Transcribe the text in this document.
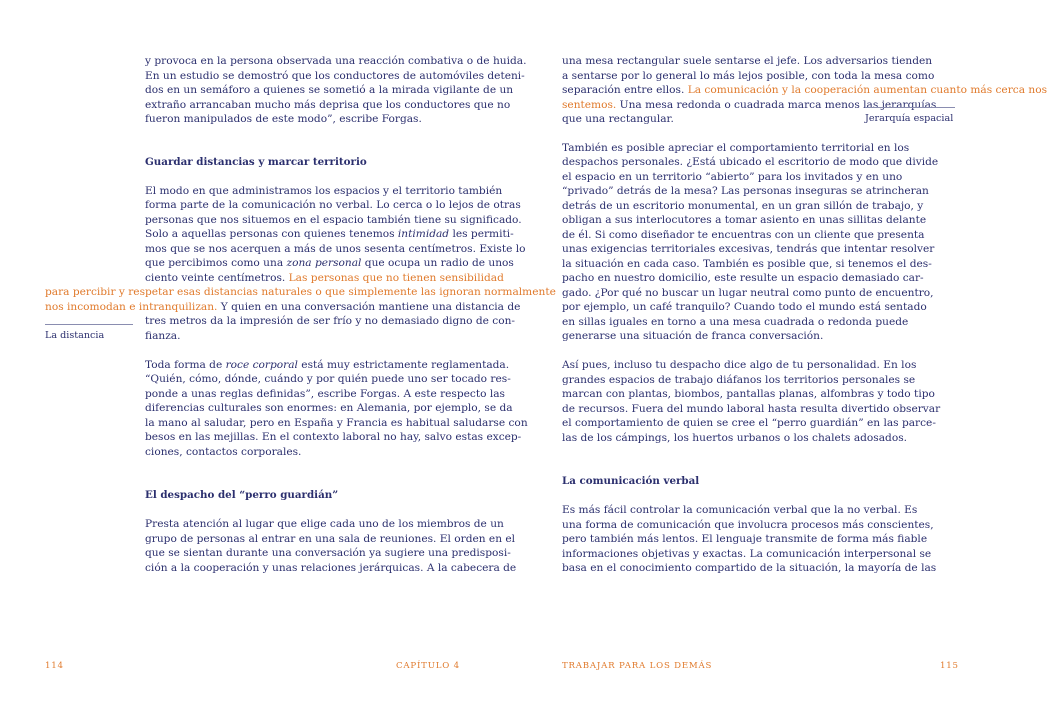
y provoca en la persona observada una reacción combativa o de huida.
En un estudio se demostró que los conductores de automóviles deteni-
dos en un semáforo a quienes se sometió a la mirada vigilante de un
extraño arrancaban mucho más deprisa que los conductores que no
fueron manipulados de este modo”, escribe Forgas.
Guardar distancias y marcar territorio
El modo en que administramos los espacios y el territorio también
forma parte de la comunicación no verbal. Lo cerca o lo lejos de otras
personas que nos situemos en el espacio también tiene su significado.
Solo a aquellas personas con quienes tenemos intimidad les permiti-
mos que se nos acerquen a más de unos sesenta centímetros. Existe lo
que percibimos como una zona personal que ocupa un radio de unos
ciento veinte centímetros. Las personas que no tienen sensibilidad
para percibir y respetar esas distancias naturales o que simplemente las ignoran normalmente
nos incomodan e intranquilizan. Y quien en una conversación mantiene una distancia de
tres metros da la impresión de ser frío y no demasiado digno de con-
La distancia	fianza.
Toda forma de roce corporal está muy estrictamente reglamentada.
“Quién, cómo, dónde, cuándo y por quién puede uno ser tocado res-
ponde a unas reglas definidas”, escribe Forgas. A este respecto las
diferencias culturales son enormes: en Alemania, por ejemplo, se da
la mano al saludar, pero en España y Francia es habitual saludarse con
besos en las mejillas. En el contexto laboral no hay, salvo estas excep-
ciones, contactos corporales.
El despacho del “perro guardián”
Presta atención al lugar que elige cada uno de los miembros de un
grupo de personas al entrar en una sala de reuniones. El orden en el
que se sientan durante una conversación ya sugiere una predisposi-
ción a la cooperación y unas relaciones jerárquicas. A la cabecera de
114	CAPÍTULO 4
una mesa rectangular suele sentarse el jefe. Los adversarios tienden
a sentarse por lo general lo más lejos posible, con toda la mesa como
separación entre ellos. La comunicación y la cooperación aumentan cuanto más cerca nos
sentemos. Una mesa redonda o cuadrada marca menos las jerarquías
que una rectangular.	Jerarquía espacial
También es posible apreciar el comportamiento territorial en los
despachos personales. ¿Está ubicado el escritorio de modo que divide
el espacio en un territorio “abierto” para los invitados y en uno
“privado” detrás de la mesa? Las personas inseguras se atrincheran
detrás de un escritorio monumental, en un gran sillón de trabajo, y
obligan a sus interlocutores a tomar asiento en unas sillitas delante
de él. Si como diseñador te encuentras con un cliente que presenta
unas exigencias territoriales excesivas, tendrás que intentar resolver
la situación en cada caso. También es posible que, si tenemos el des-
pacho en nuestro domicilio, este resulte un espacio demasiado car-
gado. ¿Por qué no buscar un lugar neutral como punto de encuentro,
por ejemplo, un café tranquilo? Cuando todo el mundo está sentado
en sillas iguales en torno a una mesa cuadrada o redonda puede
generarse una situación de franca conversación.
Así pues, incluso tu despacho dice algo de tu personalidad. En los
grandes espacios de trabajo diáfanos los territorios personales se
marcan con plantas, biombos, pantallas planas, alfombras y todo tipo
de recursos. Fuera del mundo laboral hasta resulta divertido observar
el comportamiento de quien se cree el “perro guardián” en las parce-
las de los cámpings, los huertos urbanos o los chalets adosados.
La comunicación verbal
Es más fácil controlar la comunicación verbal que la no verbal. Es
una forma de comunicación que involucra procesos más conscientes,
pero también más lentos. El lenguaje transmite de forma más fiable
informaciones objetivas y exactas. La comunicación interpersonal se
basa en el conocimiento compartido de la situación, la mayoría de las
TRABAJAR PARA LOS DEMÁS	115
